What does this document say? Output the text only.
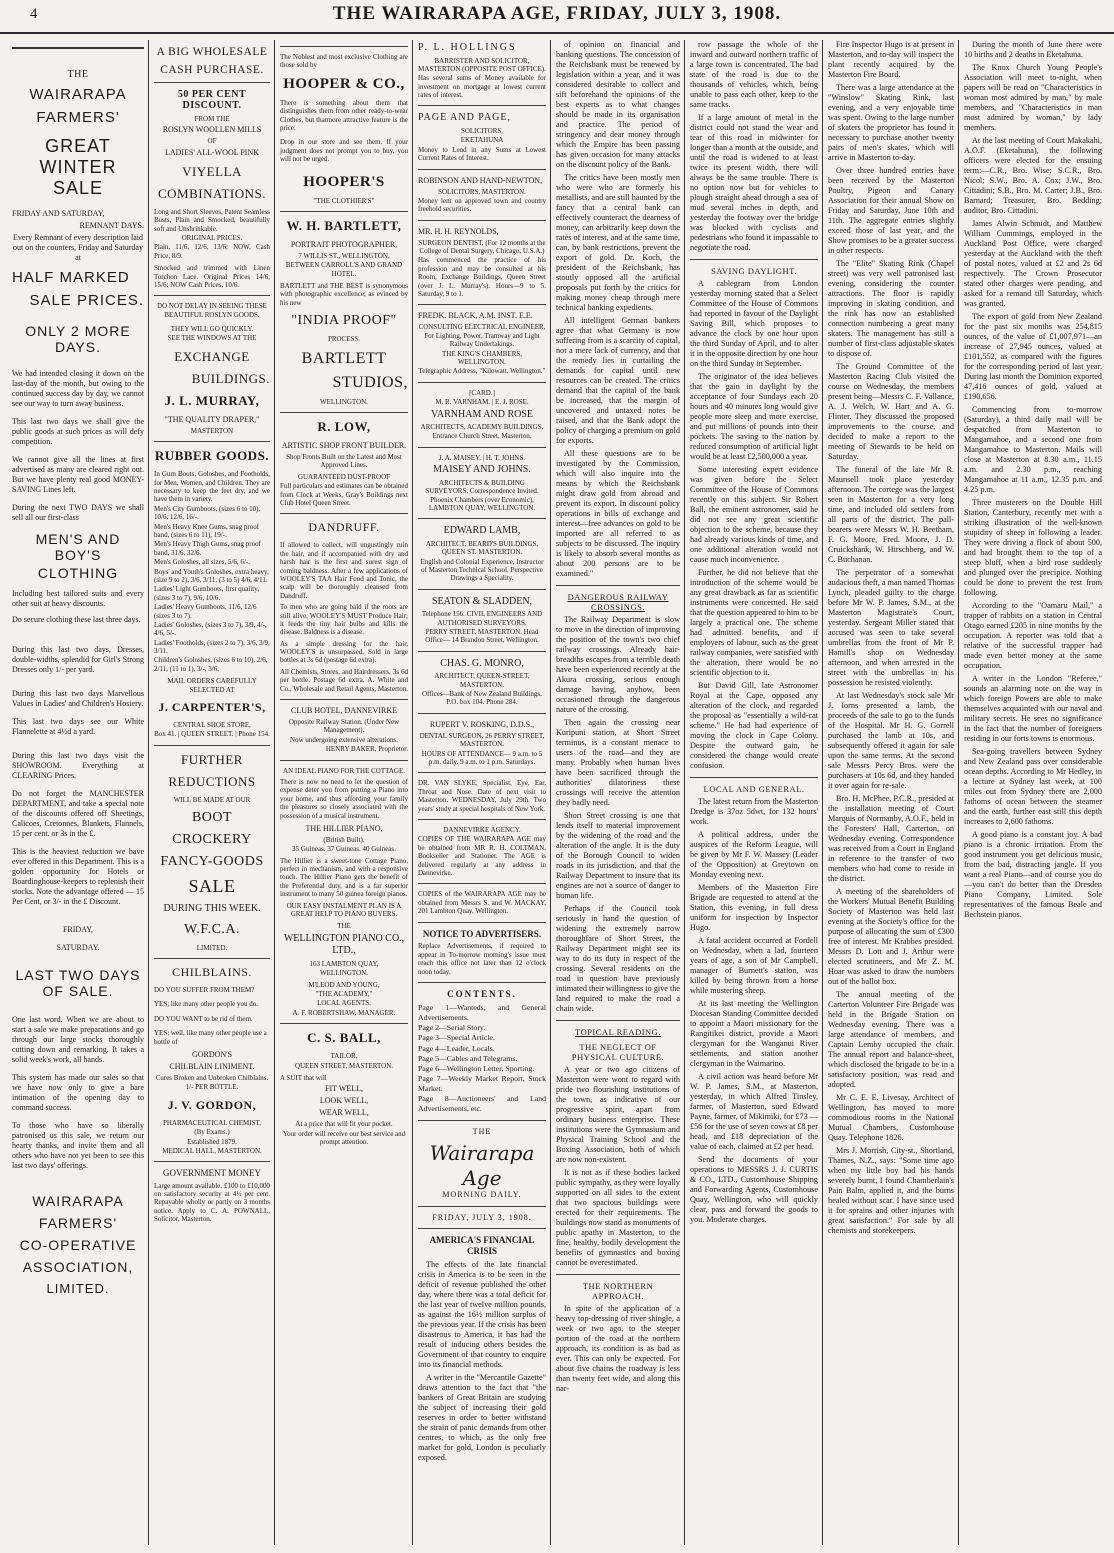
4	THE WAIRARAPA AGE, FRIDAY, JULY 3, 1908.
THE
WAIRARAPA
FARMERS'
GREAT WINTER SALE
FRIDAY AND SATURDAY,
REMNANT DAYS.
Every Remnant of every description laid out on the counters, Friday and Saturday at
HALF MARKED
SALE PRICES.
ONLY 2 MORE DAYS.
We had intended closing it down on the last-day of the month, but owing to the continued success day by day, we cannot see our way to turn away business.
This last two days we shall give the public goods at such prices as will defy competition.
We cannot give all the lines at first advertised as many are cleared right out. But we have plenty real good MONEY-SAVING Lines left.
During the next TWO DAYS we shall sell all our first-class
MEN'S AND BOY'S
CLOTHING
Including best tailored suits and every other suit at heavy discounts.
Do secure clothing these last three days.
During this last two days, Dresses, double-widths, splendid for Girl's Strong Dresses only 1/- per yard.
During this last two days Marvellous Values in Ladies' and Children's Hosiery.
This last two days see our White Flannelette at 4½d a yard.
During this last two days visit the SHOWROOM. Everything at CLEARING Prices.
Do not forget the MANCHESTER DEPARTMENT, and take a special note of the discounts offered off Sheetings, Calicoes, Cretonnes, Blankets, Flannels, 15 per cent. or 3s in the £.
This is the heaviest reduction we have ever offered in this Department. This is a golden opportunity for Hotels or Boardinghouse-keepers to replenish their stocks. Note the advantage offered — 15 Per Cent, or 3/- in the £ Discount.
FRIDAY,
SATURDAY.
LAST TWO DAYS OF SALE.
One last word. When we are about to start a sale we make preparations and go through our large stocks thoroughly cutting down and remarking. It takes a solid week's work, all hands.
This system has made our sales so that we have now only to give a bare intimation of the opening day to command success.
To those who have so liberally patronised us this sale, we return our hearty thanks, and invite them and all others who have not yet been to see this last two days' offerings.
WAIRARAPA
FARMERS'
CO-OPERATIVE
ASSOCIATION,
LIMITED.
A BIG WHOLESALE
CASH PURCHASE.
50 PER CENT DISCOUNT.
FROM THE
ROSLYN WOOLLEN MILLS
OF
LADIES' ALL-WOOL PINK
VIYELLA
COMBINATIONS.
Long and Short Sleeves, Patent Seamless Busts, Plain and Smocked, beautifully soft and Unshrinkable.
ORIGINAL PRICES.
Plain, 11/6, 12/6, 13/6; NOW, Cash Price, 8/9.
Smocked and trimmed with Linen Torchon Lace. Original Prices 14/6, 15/6; NOW Cash Prices, 10/6.
DO NOT DELAY IN SEEING THESE BEAUTIFUL ROSLYN GOODS.
THEY WILL GO QUICKLY.
SEE THE WINDOWS AT THE
EXCHANGE
BUILDINGS.
J. L. MURRAY,
"THE QUALITY DRAPER,"
MASTERTON
RUBBER GOODS.
In Gum Boots, Goloshes, and Footholds, for Men, Women, and Children. They are necessary to keep the feet dry, and we have them in variety.
Men's City Gumboots, (sizes 6 to 10), 10/6, 12/6, 16/-.
Men's Heavy Knee Gums, snag proof band, (sizes 6 to 11), 19/-.
Men's Heavy Thigh Gums, snag proof band, 31/6, 32/6.
Men's Goloshes, all sizes, 5/6, 6/-.
Boys' and Youth's Goloshes, extra heavy, (size 9 to 2), 3/6, 3/11, (3 to 5) 4/6, 4/11.
Ladies' Light Gumboots, first quality, (sizes 3 to 7), 9/6, 10/6.
Ladies' Heavy Gumboots, 11/6, 12/6 (sizes 3 to 7).
Ladies' Goloshes, (sizes 3 to 7), 3/9, 4/-, 4/6, 5/-.
Ladies' Footholds, (sizes 2 to 7), 3/6, 3/9, 3/11.
Children's Goloshes, (sizes 6 to 10), 2/6, 2/11, (11 to 1), 3/-, 3/6.
MAIL ORDERS CAREFULLY SELECTED AT
J. CARPENTER'S,
CENTRAL SHOE STORE,
Box 41. | QUEEN STREET. | Phone 154.
FURTHER
REDUCTIONS
WILL BE MADE AT OUR
BOOT
CROCKERY
FANCY-GOODS
SALE
DURING THIS WEEK.
W.F.C.A.
LIMITED.
CHILBLAINS.
DO YOU SUFFER FROM THEM?
YES; like many other people you do.
DO YOU WANT to be rid of them.
YES; well, like many other people use a bottle of
GORDON'S
CHILBLAIN LINIMENT.
Cures Broken and Unbroken Chilblains.
1/- PER BOTTLE.
J. V. GORDON,
PHARMACEUTICAL CHEMIST,
(By Exams.)
Established 1879.
MEDICAL HALL, MASTERTON.
GOVERNMENT MONEY
Large amount available. £100 to £10,000 on satisfactory security at 4½ per cent. Repayable wholly or partly on 3 months notice. Apply to C. A. POWNALL, Solicitor, Masterton.
The Noblest and most exclusive Clothing are those sold by
HOOPER & CO.,
There is something about them that distinguishes them from other ready-to-wear Clothes, but thatmore attractive feature is the price.
Drop in our store and see them. If your judgment does not prompt you to buy, you will not be urged.
HOOPER'S
"THE CLOTHIER'S"
W. H. BARTLETT,
PORTRAIT PHOTOGRAPHER,
7 WILLIS ST., WELLINGTON,
BETWEEN CARROLL'S AND GRAND HOTEL.
BARTLETT and THE BEST is synonymous with photographic excellence; as evinced by his new
"INDIA PROOF"
PROCESS.
BARTLETT
STUDIOS,
WELLINGTON.
R. LOW,
ARTISTIC SHOP FRONT BUILDER.
Shop Fronts Built on the Latest and Most Approved Lines.
GUARANTEED DUST-PROOF
Full particulars and estimates can be obtained from Clock at Weeks, Gray's Buildings next Club Hotel Queen Street.
DANDRUFF.
If allowed to collect, will ungustingly ruin the hair, and if accompanied with dry and harsh hair is the first and surest sign of coming baldness. After a few applications of WOOLEY'S TAA Hair Food and Tonic, the scalp will be thoroughly cleansed from Dandruff.
To men who are going bald if the roots are still alive, WOOLEY'S MUST Produce Hair; it feeds the tiny hair bulbs and kills the disease. Baldness is a disease.
As a simple dressing for the hair, WOOLEY'S is unsurpassed. Sold in large bottles at 3s 6d (postage 6d extra).
All Chemists, Stores, and Hairdressers, 3s 6d per bottle. Postage 6d extra. A. White and Co., Wholesale and Retail Agents, Masterton.
CLUB HOTEL, DANNEVIRKE
Opposite Railway Station. (Under New Management).
Now undergoing extensive alterations.
HENRY BAKER, Proprietor.
AN IDEAL PIANO FOR THE COTTAGE.
There is now no need to let the question of expense deter you from putting a Piano into your home, and thus affording your family the pleasures so closely associated with the possession of a musical instrument.
THE HILLIER PIANO,
(British Built).
35 Guineas. 37 Guineas. 40 Guineas.
The Hillier is a sweet-tone Cottage Piano, perfect in mechanism, and with a responsive touch. The Hillier Piano gets the benefit of the Preferential duty, and is a far superior instrument to many 50 guinea foreign pianos.
OUR EASY INSTALMENT PLAN IS A GREAT HELP TO PIANO BUYERS.
THE
WELLINGTON PIANO CO., LTD.,
163 LAMBTON QUAY,
WELLINGTON.
M'LEOD AND YOUNG,
"THE ACADEMY,"
LOCAL AGENTS.
A. F. ROBERTSHAW, MANAGER.
C. S. BALL,
TAILOR,
QUEEN STREET, MASTERTON.
A SUIT that will
FIT WELL,
LOOK WELL,
WEAR WELL,
At a price that will fit your pocket.
Your order will receive our best service and prompt attention.
P. L. HOLLINGS
BARRISTER AND SOLICITOR, MASTERTON (OPPOSITE POST OFFICE).
Has several sums of Money available for investment on mortgage at lowest current rates of interest.
PAGE AND PAGE,
SOLICITORS,
EKETAHUNA
Money to Lend in any Sums at Lowest Current Rates of Interest.
ROBINSON AND HAND-NEWTON,
SOLICITORS, MASTERTON.
Money lent on approved town and country freehold securities.
MR. H. H. REYNOLDS,
SURGEON DENTIST, (For 12 months at the College of Dental Surgery, Chicago, U.S.A.)
Has commenced the practice of his profession and may be consulted at his Room, Exchange Buildings, Queen Street (over J. L. Murray's). Hours—9 to 5. Saturday, 9 to 1.
FREDK. BLACK, A.M. INST. E.E.
CONSULTING ELECTRICAL ENGINEER, For Lighting, Power, Tramway and Light Railway Undertakings.
THE KING'S CHAMBERS, WELLINGTON.
Telegraphic Address, "Kilowatt, Wellington."
[CARD.]
M. R. VARNHAM. | E. J. ROSE.
VARNHAM AND ROSE
ARCHITECTS, ACADEMY BUILDINGS,
Entrance Church Street, Masterton.
J. A. MAISEY. | H. T. JOHNS.
MAISEY AND JOHNS.
ARCHITECTS & BUILDING SURVEYORS, Correspondence Invited. Phoenix Chambers (over Economic), LAMBTON QUAY, WELLINGTON.
EDWARD LAMB,
ARCHITECT, BEARD'S BUILDINGS, QUEEN ST. MASTERTON.
English and Colonial Experience, Instructor of Masterton Technical School. Perspective Drawings a Speciality.
SEATON & SLADDEN,
Telephone 156. CIVIL ENGINEERS AND AUTHORISED SURVEYORS.
PERRY STREET, MASTERTON. Head Office— 14 Brandon Street, Wellington.
CHAS. G. MONRO,
ARCHITECT, QUEEN-STREET, MASTERTON.
Offices—Bank of New Zealand Buildings. P.O. box 104. Phone 284.
RUPERT V. ROSKING, D.D.S.,
DENTAL SURGEON, 26 PERRY STREET, MASTERTON.
HOURS OF ATTENDANCE— 9 a.m. to 5 p.m. daily. 9 a.m. to 1 p.m. Saturdays.
DR. VAN SLYKE, Specialist, Eye, Ear, Throat and Nose. Date of next visit to Masterton, WEDNESDAY, July 29th. Two years' study at special hospitals of New York.
DANNEVIRKE AGENCY.
COPIES OF THE WAIRARAPA AGE may be obtained from MR R. H. COLTMAN, Bookseller and Stationer. The AGE is delivered regularly at any address in Dannevirke.
COPIES of the WAIRARAPA AGE may be obtained from Messrs S. and W. MACKAY, 201 Lambton Quay, Wellington.
NOTICE TO ADVERTISERS.
Replace Advertisements, if required to appear in To-morrow morning's issue must reach this office not later than 12 o'clock noon today.
CONTENTS.
Page 1—Wanteds, and General Advertisements.
Page 2—Serial Story.
Page 3—Special Article.
Page 4—Leader, Locals.
Page 5—Cables and Telegrams.
Page 6—Wellington Letter, Sporting.
Page 7—Weekly Market Report, Stock Market.
Page 8—Auctioneers' and Land Advertisements, etc.
THE
Wairarapa Age
MORNING DAILY.
FRIDAY, JULY 3, 1908.
AMERICA'S FINANCIAL CRISIS

The effects of the late financial crisis in America is to be seen in the deficit of revenue published the other day, where there was a total deficit for the last year of twelve million pounds, as against the 16½ million surplus of the previous year. If the crisis has been disastrous to America, it has had the result of inducing others besides the Government of that country to enquire into its financial methods.

A writer in the "Mercantile Gazette" draws attention to the fact that "the bankers of Great Britain are studying the subject of increasing their gold reserves in order to better withstand the strain of panic demands from other centres, to which, as the only free market for gold, London is peculiarly exposed.

of opinion on financial and banking questions. The concession of the Reichsbank must be renewed by legislation within a year, and it was considered desirable to collect and sift beforehand the opinions of the best experts as to what changes should be made in its organisation and practice. The period of stringency and dear money through which the Empire has been passing has given occasion for many attacks on the discount policy of the Bank.

The critics have been mostly men who were who are formerly his metallists, and are still haunted by the fancy that a central bank can effectively counteract the dearness of money, can arbitrarily keep down the rates of interest, and at the same time, can, by bank restrictions, prevent the export of gold. Dr. Koch, the president of the Reichsbank, has stoutly opposed all the artificial proposals put forth by the critics for making money cheap through mere technical banking expedients.

All intelligent German bankers agree that what Germany is now suffering from is a scarcity of capital, not a mere lack of currency, and that the remedy lies in curtailing the demands for capital until new resources can be created. The critics demand that the capital of the bank be increased, that the margin of uncovered and untaxed notes be raised, and that the Bank adopt the policy of charging a premium on gold for exports.

All these questions are to be investigated by the Commission, which will also inquire into the means by which the Reichsbank might draw gold from abroad and prevent its export. In discount policy operations in bills of exchange and interest—free advances on gold to be imported are all referred to as subjects to be discussed. The inquiry is likely to absorb several months as about 200 persons are to be examined."

DANGEROUS RAILWAY CROSSINGS.

The Railway Department is slow to move in the direction of improving the position of the town's two chief railway crossings. Already hair-breadths escapes from a terrible death have been experienced recently at the Akura crossing, serious enough damage having, anyhow, been occasioned through the dangerous nature of the crossing.

Then again the crossing near Kuripuni station, at Short Street terminus, is a constant menace to users of the road—and they are many. Probably when human lives have been sacrificed through the authorities' dilatoriness these crossings will receive the attention they badly need.

Short Street crossing is one that lends itself to material improvement by the widening of the road and the alteration of the angle. It is the duty of the Borough Council to widen roads in its jurisdiction, and that the Railway Department to insure that its engines are not a source of danger to human life.

Perhaps if the Council took seriously in hand the question of widening the extremely narrow thoroughfare of Short Street, the Railway Department might see its way to do its duty in respect of the crossing. Several residents on the road in question have previously intimated their willingness to give the land required to make the road a chain wide.

TOPICAL READING.
THE NEGLECT OF PHYSICAL CULTURE.

A year or two ago citizens of Masterton were wont to regard with pride two flourishing institutions of the town, as indicative of our progressive spirit, apart from ordinary business enterprise. These institutions were the Gymnasium and Physical Training School and the Boxing Association, both of which are now non-existent.

It is not as if these bodies lacked public sympathy, as they were loyally supported on all sides to the extent that two spacious buildings were erected for their requirements. The buildings now stand as monuments of public apathy in Masterton, to the fine, healthy, bodily development the benefits of gymnastics and boxing cannot be overestimated.

THE NORTHERN APPROACH.

In spite of the application of a heavy top-dressing of river shingle, a week or two ago, to the steeper portion of the road at the northern approach, its condition is as bad as ever. This can only be expected. For about five chains the roadway is less than twenty feet wide, and along this nar-

row passage the whole of the inward and outward northern traffic of a large town is concentrated. The bad state of the road is due to the thousands of vehicles, which, being unable to pass each other, keep to the same tracks.

If a large amount of metal in the district could not stand the wear and tear of this road in midwinter for longer than a month at the outside, and until the road is widened to at least twice its present width, there will always be the same trouble. There is no option now but for vehicles to plough straight ahead through a sea of mud several inches in depth, and yesterday the footway over the bridge was blocked with cyclists and pedestrians who found it impassable to negotiate the road.

SAVING DAYLIGHT.

A cablegram from London yesterday morning stated that a Select Committee of the House of Commons had reported in favour of the Daylight Saving Bill, which proposes to advance the clock by one hour upon the third Sunday of April, and to alter it in the opposite direction by one hour on the third Sunday in September.

The originator of the idea believes that the gain in daylight by the acceptance of four Sundays each 20 hours and 40 minutes long would give people more sleep and more exercise, and put millions of pounds into their pockets. The saving to the nation by reduced consumption of artificial light would be at least £2,500,000 a year.

Some interesting expert evidence was given before the Select Committee of the House of Commons recently on this subject. Sir Robert Ball, the eminent astronomer, said he did not see any great scientific objection to the scheme, because they had already various kinds of time, and one additional alteration would not cause much inconvenience.

Further, he did not believe that the introduction of the scheme would be any great drawback as far as scientific instruments were concerned. He said that the question appeared to him to be largely a practical one. The scheme had admitted benefits, and if employers of labour, such as the great railway companies, were satisfied with the alteration, there would be no scientific objection to it.

But David Gill, late Astronomer Royal at the Cape, opposed any alteration of the clock, and regarded the proposal as "essentially a wild-cat scheme." He had had experience of moving the clock in Cape Colony. Despite the outward gain, he considered the change would create confusion.

LOCAL AND GENERAL.

The latest return from the Masterton Dredge is 37oz 5dwt, for 132 hours' work.

A political address, under the auspices of the Reform League, will be given by Mr F. W. Massey (Leader of the Opposition) at Greytown on Monday evening next.

Members of the Masterton Fire Brigade are requested to attend at the Station, this evening, in full dress uniform for inspection by Inspector Hugo.

A fatal accident occurred at Fordell on Wednesday, when a lad, fourteen years of age, a son of Mr Campbell, manager of Burnett's station, was killed by being thrown from a horse while mustering sheep.

At its last meeting the Wellington Diocesan Standing Committee decided to appoint a Maori missionary for the Rangitikei district, provide a Maori clergyman for the Wanganui River settlements, and station another clergyman in the Waimarino.

A civil action was heard before Mr W. P. James, S.M., at Masterton, yesterday, in which Alfred Tinsley, farmer, of Masterton, sued Edward Payne, farmer, of Mikimiki, for £73 — £56 for the use of seven cows at £8 per head, and £18 depreciation of the value of each, claimed at £2 per head.

Send the documents of your operations to MESSRS J. J. CURTIS & CO., LTD., Customhouse Shipping and Forwarding Agents, Customhouse Quay, Wellington, who will quickly clear, pass and forward the goods to you. Moderate charges.

Fire Inspector Hugo is at present in Masterton, and to-day will inspect the plant recently acquired by the Masterton Fire Board.

There was a large attendance at the "Winslow" Skating Rink, last evening, and a very enjoyable time was spent. Owing to the large number of skaters the proprietor has found it necessary to purchase another twenty pairs of men's skates, which will arrive in Masterton to-day.

Over three hundred entries have been received by the Masterton Poultry, Pigeon and Canary Association for their annual Show on Friday and Saturday, June 10th and 11th. The aggregate entries slightly exceed those of last year, and the Show promises to be a greater success in other respects.

The "Elite" Skating Rink (Chapel street) was very well patronised last evening, considering the counter attractions. The floor is rapidly improving in skating condition, and the rink has now an established connection numbering a great many skaters. The management has still a number of first-class adjustable skates to dispose of.

The Ground Committee of the Masterton Racing Club visited the course on Wednesday, the members present being—Messrs C. F. Vallance, A. J. Welch, W. Hart and A. G. Flinter. They discussed the proposed improvements to the course, and decided to make a report to the meeting of Stewards to be held on Saturday.

The funeral of the late Mr R. Maunsell took place yesterday afternoon. The cortege was the largest seen in Masterton for a very long time, and included old settlers from all parts of the district. The pall-bearers were Messrs W. H. Beetham, F. G. Moore, Fred. Moore, J. D. Cruickshank, W. Hirschberg, and W. C. Buchanan.

The perpetrator of a somewhat audacious theft, a man named Thomas Lynch, pleaded guilty to the charge before Mr W. P. James, S.M., at the Masterton Magistrate's Court, yesterday. Sergeant Miller stated that accused was seen to take several umbrellas from the front of Mr P. Hamill's shop on Wednesday afternoon, and when arrested in the street with the umbrellas in his possession he resisted violently.

At last Wednesday's stock sale Mr J. Iorns presented a lamb, the proceeds of the sale to go to the funds of the Hospital. Mr H. G. Gorrell purchased the lamb at 10s, and subsequently offered it again for sale upon the same terms. At the second sale Messrs Percy Bros. were the purchasers at 10s 6d, and they handed it over again for re-sale.

Bro. H. McPhee, P.C.R., presided at the installation meeting of Court Marquis of Normanby, A.O.F., held in the Foresters' Hall, Carterton, on Wednesday evening. Correspondence was received from a Court in England in reference to the transfer of two members who had come to reside in the district.

A meeting of the shareholders of the Workers' Mutual Benefit Building Society of Masterton was held last evening at the Society's office for the purpose of allocating the sum of £300 free of interest. Mr Krabbes presided. Messrs D. Lott and J. Arthur were elected scrutineers, and Mr Z. M. Hoar was asked to draw the numbers out of the ballot box.

The annual meeting of the Carterton Volunteer Fire Brigade was held in the Brigade Station on Wednesday evening. There was a large attendance of members, and Captain Lemby occupied the chair. The annual report and balance-sheet, which disclosed the brigade to be in a satisfactory position, was read and adopted.

Mr C. E. E. Livesay, Architect of Wellington, has moved to more commodious rooms in the National Mutual Chambers, Customhouse Quay. Telephone 1826.

Mrs J. Morrish, City-st., Shortland, Thames, N.Z., says: "Some time ago when my little boy had his hands severely burnt, I found Chamberlain's Pain Balm, applied it, and the burns healed without scar. I have since used it for sprains and other injuries with great satisfaction." For sale by all chemists and storekeepers.

During the month of June there were 10 births and 2 deaths in Eketahuna.

The Knox Church Young People's Association will meet to-night, when papers will be read on "Characteristics in woman most admired by man," by male members, and "Characteristics in man most admired by woman," by lady members.

At the last meeting of Court Makakahi, A.O.F. (Eketahuna), the following officers were elected for the ensuing term:—C.R., Bro. Wise; S.C.R., Bro. Nicol; S.W., Bro. A. Cox; J.W., Bro. Cittadini; S.B., Bro. M. Carter; J.B., Bro. Barnard; Treasurer, Bro. Bedding; auditor, Bro. Cittadini.

James Alwin Schmidt, and Matthew William Cummings, employed in the Auckland Post Office, were charged yesterday at the Auckland with the theft of postal notes, valued at £2 and 2s 6d respectively. The Crown Prosecutor stated other charges were pending, and asked for a remand till Saturday, which was granted.

The export of gold from New Zealand for the past six months was 254,815 ounces, of the value of £1,007,971—an increase of 27,945 ounces, valued at £101,552, as compared with the figures for the corresponding period of last year. During last month the Dominion exported 47,416 ounces of gold, valued at £190,656.

Commencing from to-morrow (Saturday), a third daily mail will be despatched from Masterton to Mangamahoe, and a second one from Mangamahoe to Masterton. Mails will close at Masterton at 8.30 a.m., 11.15 a.m. and 2.30 p.m., reaching Mangamahoe at 11 a.m., 12.35 p.m. and 4.25 p.m.

Three musterers on the Double Hill Station, Canterbury, recently met with a striking illustration of the well-known stupidity of sheep in following a leader. They were driving a flock of about 500, and had brought them to the top of a steep bluff, when a bird rose suddenly and plunged over the precipice. Nothing could be done to prevent the rest from following.

According to the "Oamaru Mail," a trapper of rabbits on a station in Central Otago earned £205 in nine months by the occupation. A reporter was told that a relative of the successful trapper had made even better money at the same occupation.

A writer in the London "Referee," sounds an alarming note on the way in which foreign Powers are able to make themselves acquainted with our naval and military secrets. He sees no significance in the fact that the number of foreigners residing in our forts towns is enormous.

Sea-going travellers between Sydney and New Zealand pass over considerable ocean depths. According to Mr Hedley, in a lecture at Sydney last week, at 100 miles out from Sydney there are 2,000 fathoms of ocean between the steamer and the earth, further east still this depth increases to 2,600 fathoms.

A good piano is a constant joy. A bad piano is a chronic irritation. From the good instrument you get delicious music, from the bad, distracting jangle. If you want a real Piano—and of course you do—you can't do better than the Dresden Piano Company, Limited. Sole representatives of the famous Beale and Bechstein pianos.
